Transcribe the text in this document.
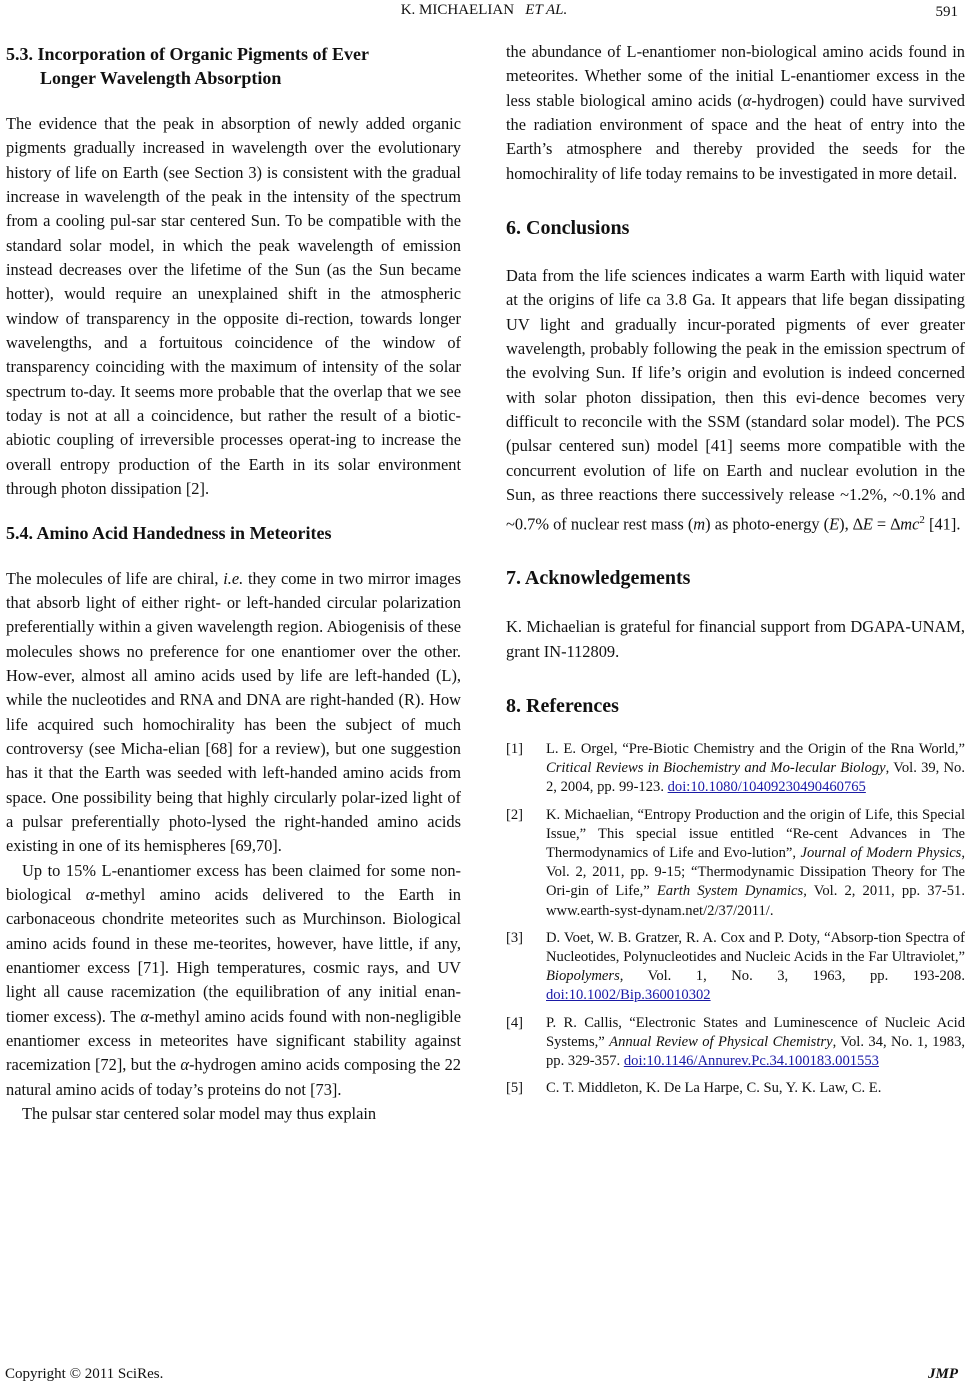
K. MICHAELIAN ET AL.	591
5.3. Incorporation of Organic Pigments of Ever
Longer Wavelength Absorption

The evidence that the peak in absorption of newly added organic pigments gradually increased in wavelength over the evolutionary history of life on Earth (see Section 3) is consistent with the gradual increase in wavelength of the peak in the intensity of the spectrum from a cooling pul-sar star centered Sun. To be compatible with the standard solar model, in which the peak wavelength of emission instead decreases over the lifetime of the Sun (as the Sun became hotter), would require an unexplained shift in the atmospheric window of transparency in the opposite di-rection, towards longer wavelengths, and a fortuitous coincidence of the window of transparency coinciding with the maximum of intensity of the solar spectrum to-day. It seems more probable that the overlap that we see today is not at all a coincidence, but rather the result of a biotic-abiotic coupling of irreversible processes operat-ing to increase the overall entropy production of the Earth in its solar environment through photon dissipation [2].

5.4. Amino Acid Handedness in Meteorites

The molecules of life are chiral, i.e. they come in two mirror images that absorb light of either right- or left-handed circular polarization preferentially within a given wavelength region. Abiogenisis of these molecules shows no preference for one enantiomer over the other. How-ever, almost all amino acids used by life are left-handed (L), while the nucleotides and RNA and DNA are right-handed (R). How life acquired such homochirality has been the subject of much controversy (see Micha-elian [68] for a review), but one suggestion has it that the Earth was seeded with left-handed amino acids from space. One possibility being that highly circularly polar-ized light of a pulsar preferentially photo-lysed the right-handed amino acids existing in one of its hemispheres [69,70].

Up to 15% L-enantiomer excess has been claimed for some non-biological α-methyl amino acids delivered to the Earth in carbonaceous chondrite meteorites such as Murchinson. Biological amino acids found in these me-teorites, however, have little, if any, enantiomer excess [71]. High temperatures, cosmic rays, and UV light all cause racemization (the equilibration of any initial enan-tiomer excess). The α-methyl amino acids found with non-negligible enantiomer excess in meteorites have significant stability against racemization [72], but the α-hydrogen amino acids composing the 22 natural amino acids of today’s proteins do not [73].

The pulsar star centered solar model may thus explain

the abundance of L-enantiomer non-biological amino acids found in meteorites. Whether some of the initial L-enantiomer excess in the less stable biological amino acids (α-hydrogen) could have survived the radiation environment of space and the heat of entry into the Earth’s atmosphere and thereby provided the seeds for the homochirality of life today remains to be investigated in more detail.

6. Conclusions

Data from the life sciences indicates a warm Earth with liquid water at the origins of life ca 3.8 Ga. It appears that life began dissipating UV light and gradually incur-porated pigments of ever greater wavelength, probably following the peak in the emission spectrum of the evolving Sun. If life’s origin and evolution is indeed concerned with solar photon dissipation, then this evi-dence becomes very difficult to reconcile with the SSM (standard solar model). The PCS (pulsar centered sun) model [41] seems more compatible with the concurrent evolution of life on Earth and nuclear evolution in the Sun, as three reactions there successively release ~1.2%, ~0.1% and ~0.7% of nuclear rest mass (m) as photo-energy (E), $\Delta E = \Delta mc^2$ [41].

7. Acknowledgements

K. Michaelian is grateful for financial support from DGAPA-UNAM, grant IN-112809.

8. References
[1] L. E. Orgel, “Pre-Biotic Chemistry and the Origin of the Rna World,” Critical Reviews in Biochemistry and Mo-lecular Biology, Vol. 39, No. 2, 2004, pp. 99-123. doi:10.1080/10409230490460765
[2] K. Michaelian, “Entropy Production and the origin of Life, this Special Issue,” This special issue entitled “Re-cent Advances in The Thermodynamics of Life and Evo-lution”, Journal of Modern Physics, Vol. 2, 2011, pp. 9-15; “Thermodynamic Dissipation Theory for The Ori-gin of Life,” Earth System Dynamics, Vol. 2, 2011, pp. 37-51. www.earth-syst-dynam.net/2/37/2011/.
[3] D. Voet, W. B. Gratzer, R. A. Cox and P. Doty, “Absorp-tion Spectra of Nucleotides, Polynucleotides and Nucleic Acids in the Far Ultraviolet,” Biopolymers, Vol. 1, No. 3, 1963, pp. 193-208. doi:10.1002/Bip.360010302
[4] P. R. Callis, “Electronic States and Luminescence of Nucleic Acid Systems,” Annual Review of Physical Chemistry, Vol. 34, No. 1, 1983, pp. 329-357. doi:10.1146/Annurev.Pc.34.100183.001553
[5] C. T. Middleton, K. De La Harpe, C. Su, Y. K. Law, C. E.
Copyright © 2011 SciRes.	JMP
